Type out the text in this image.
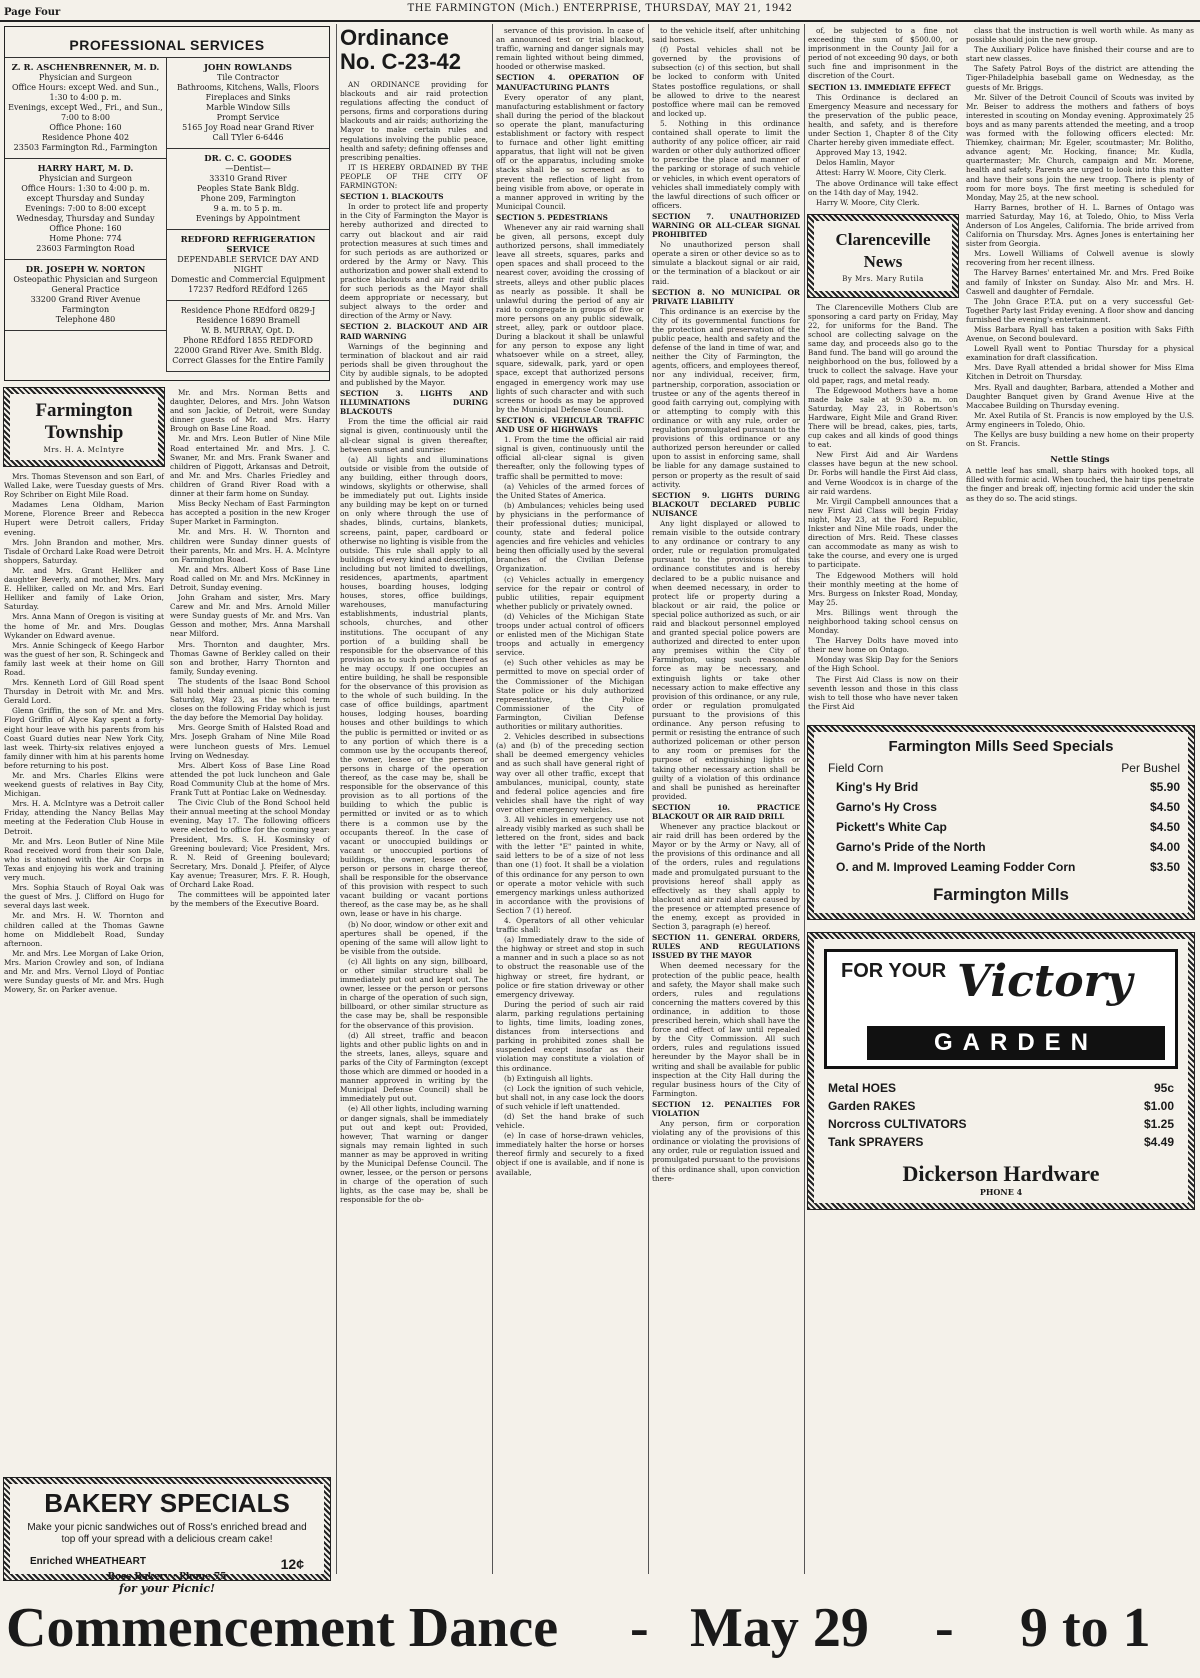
Page Four	THE FARMINGTON (Mich.) ENTERPRISE, THURSDAY, MAY 21, 1942
PROFESSIONAL SERVICES
Z. R. ASCHENBRENNER, M. D.
Physician and Surgeon
Office Hours: except Wed. and Sun., 1:30 to 4:00 p. m.
Evenings, except Wed., Fri., and Sun., 7:00 to 8:00
Office Phone: 160
Residence Phone 402
23503 Farmington Rd., Farmington

HARRY HART, M. D.
Physician and Surgeon
Office Hours: 1:30 to 4:00 p. m. except Thursday and Sunday
Evenings: 7:00 to 8:00 except Wednesday, Thursday and Sunday
Office Phone: 160
Home Phone: 774
23603 Farmington Road

DR. JOSEPH W. NORTON
Osteopathic Physician and Surgeon
General Practice
33200 Grand River Avenue
Farmington
Telephone 480

JOHN ROWLANDS
Tile Contractor
Bathrooms, Kitchens, Walls, Floors
Fireplaces and Sinks
Marble Window Sills
Prompt Service
5165 Joy Road near Grand River
Call TYler 6-6446

DR. C. C. GOODES
—Dentist—
33310 Grand River
Peoples State Bank Bldg.
Phone 209, Farmington
9 a. m. to 5 p. m.
Evenings by Appointment

REDFORD REFRIGERATION SERVICE
DEPENDABLE SERVICE DAY AND NIGHT
Domestic and Commercial Equipment
17237 Redford REdford 1265

Residence Phone REdford 0829-J
Residence 16890 Bramell
W. B. MURRAY, Opt. D.
Phone REdford 1855 REDFORD
22000 Grand River Ave. Smith Bldg.
Correct Glasses for the Entire Family

Farmington
Township
Mrs. H. A. McIntyre

Mrs. Thomas Stevenson and son Earl, of Walled Lake, were Tuesday guests of Mrs. Roy Schriber on Eight Mile Road.

Madames Lena Oldham, Marion Morene, Florence Breer and Rebecca Hupert were Detroit callers, Friday evening.

Mrs. John Brandon and mother, Mrs. Tisdale of Orchard Lake Road were Detroit shoppers, Saturday.

Mr. and Mrs. Grant Helliker and daughter Beverly, and mother, Mrs. Mary E. Helliker, called on Mr. and Mrs. Earl Helliker and family of Lake Orion, Saturday.

Mrs. Anna Mann of Oregon is visiting at the home of Mr. and Mrs. Douglas Wykander on Edward avenue.

Mrs. Annie Schingeck of Keego Harbor was the guest of her son, R. Schingeck and family last week at their home on Gill Road.

Mrs. Kenneth Lord of Gill Road spent Thursday in Detroit with Mr. and Mrs. Gerald Lord.

Glenn Griffin, the son of Mr. and Mrs. Floyd Griffin of Alyce Kay spent a forty-eight hour leave with his parents from his Coast Guard duties near New York City, last week. Thirty-six relatives enjoyed a family dinner with him at his parents home before returning to his post.

Mr. and Mrs. Charles Elkins were weekend guests of relatives in Bay City, Michigan.

Mrs. H. A. McIntyre was a Detroit caller Friday, attending the Nancy Bellas May meeting at the Federation Club House in Detroit.

Mr. and Mrs. Leon Butler of Nine Mile Road received word from their son Dale, who is stationed with the Air Corps in Texas and enjoying his work and training very much.

Mrs. Sophia Stauch of Royal Oak was the guest of Mrs. J. Clifford on Hugo for several days last week.

Mr. and Mrs. H. W. Thornton and children called at the Thomas Gawne home on Middlebelt Road, Sunday afternoon.

Mr. and Mrs. Lee Morgan of Lake Orion, Mrs. Marion Crowley and son, of Indiana and Mr. and Mrs. Vernol Lloyd of Pontiac were Sunday guests of Mr. and Mrs. Hugh Mowery, Sr. on Parker avenue.

Mr. and Mrs. Norman Betts and daughter, Delores, and Mrs. John Watson and son Jackie, of Detroit, were Sunday dinner guests of Mr. and Mrs. Harry Brough on Base Line Road.

Mr. and Mrs. Leon Butler of Nine Mile Road entertained Mr. and Mrs. J. C. Swaner, Mr. and Mrs. Frank Swaner and children of Piggott, Arkansas and Detroit, and Mr. and Mrs. Charles Friedley and children of Grand River Road with a dinner at their farm home on Sunday.

Miss Becky Necham of East Farmington has accepted a position in the new Kroger Super Market in Farmington.

Mr. and Mrs. H. W. Thornton and children were Sunday dinner guests of their parents, Mr. and Mrs. H. A. McIntyre on Farmington Road.

Mr. and Mrs. Albert Koss of Base Line Road called on Mr. and Mrs. McKinney in Detroit, Sunday evening.

John Graham and sister, Mrs. Mary Carew and Mr. and Mrs. Arnold Miller were Sunday guests of Mr. and Mrs. Van Gesson and mother, Mrs. Anna Marshall near Milford.

Mrs. Thornton and daughter, Mrs. Thomas Gawne of Berkley called on their son and brother, Harry Thornton and family, Sunday evening.

The students of the Isaac Bond School will hold their annual picnic this coming Saturday, May 23, as the school term closes on the following Friday which is just the day before the Memorial Day holiday.

Mrs. George Smith of Halsted Road and Mrs. Joseph Graham of Nine Mile Road were luncheon guests of Mrs. Lemuel Irving on Wednesday.

Mrs. Albert Koss of Base Line Road attended the pot luck luncheon and Gale Road Community Club at the home of Mrs. Frank Tutt at Pontiac Lake on Wednesday.

The Civic Club of the Bond School held their annual meeting at the school Monday evening, May 17. The following officers were elected to office for the coming year: President, Mrs. S. H. Kosminsky of Greening boulevard; Vice President, Mrs. R. N. Reid of Greening boulevard; Secretary, Mrs. Donald J. Pfeifer, of Alyce Kay avenue; Treasurer, Mrs. F. R. Hough, of Orchard Lake Road.

The committees will be appointed later by the members of the Executive Board.

BAKERY SPECIALS
Make your picnic sandwiches out of Ross's enriched bread and top off your spread with a delicious cream cake!
Enriched WHEATHEART	12¢
Ross Bakery · Phone 75
for your Picnic!
Ordinance No. C-23-42

AN ORDINANCE providing for blackouts and air raid protection regulations affecting the conduct of persons, firms and corporations during blackouts and air raids; authorizing the Mayor to make certain rules and regulations involving the public peace, health and safety; defining offenses and prescribing penalties.

IT IS HEREBY ORDAINED BY THE PEOPLE OF THE CITY OF FARMINGTON:

SECTION 1. BLACKOUTS

In order to protect life and property in the City of Farmington the Mayor is hereby authorized and directed to carry out blackout and air raid protection measures at such times and for such periods as are authorized or ordered by the Army or Navy. This authorization and power shall extend to practice blackouts and air raid drills for such periods as the Mayor shall deem appropriate or necessary, but subject always to the order and direction of the Army or Navy.

SECTION 2. BLACKOUT AND AIR RAID WARNING

Warnings of the beginning and termination of blackout and air raid periods shall be given throughout the City by audible signals, to be adopted and published by the Mayor.

SECTION 3. LIGHTS AND ILLUMINATIONS DURING BLACKOUTS

From the time the official air raid signal is given, continuously until the all-clear signal is given thereafter, between sunset and sunrise:

(a) All lights and illuminations outside or visible from the outside of any building, either through doors, windows, skylights or otherwise, shall be immediately put out. Lights inside any building may be kept on or turned on only where through the use of shades, blinds, curtains, blankets, screens, paint, paper, cardboard or otherwise no lighting is visible from the outside. This rule shall apply to all buildings of every kind and description, including but not limited to dwellings, residences, apartments, apartment houses, boarding houses, lodging houses, stores, office buildings, warehouses, manufacturing establishments, industrial plants, schools, churches, and other institutions. The occupant of any portion of a building shall be responsible for the observance of this provision as to such portion thereof as he may occupy. If one occupies an entire building, he shall be responsible for the observance of this provision as to the whole of such building. In the case of office buildings, apartment houses, lodging houses, boarding houses and other buildings to which the public is permitted or invited or as to any portion of which there is a common use by the occupants thereof, the owner, lessee or the person or persons in charge of the operation thereof, as the case may be, shall be responsible for the observance of this provision as to all portions of the building to which the public is permitted or invited or as to which there is a common use by the occupants thereof. In the case of vacant or unoccupied buildings or vacant or unoccupied portions of buildings, the owner, lessee or the person or persons in charge thereof, shall be responsible for the observance of this provision with respect to such vacant building or vacant portions thereof, as the case may be, as he shall own, lease or have in his charge.

(b) No door, window or other exit and apertures shall be opened, if the opening of the same will allow light to be visible from the outside.

(c) All lights on any sign, billboard, or other similar structure shall be immediately put out and kept out. The owner, lessee or the person or persons in charge of the operation of such sign, billboard, or other similar structure as the case may be, shall be responsible for the observance of this provision.

(d) All street, traffic and beacon lights and other public lights on and in the streets, lanes, alleys, square and parks of the City of Farmington (except those which are dimmed or hooded in a manner approved in writing by the Municipal Defense Council) shall be immediately put out.

(e) All other lights, including warning or danger signals, shall be immediately put out and kept out: Provided, however, That warning or danger signals may remain lighted in such manner as may be approved in writing by the Municipal Defense Council. The owner, lessee, or the person or persons in charge of the operation of such lights, as the case may be, shall be responsible for the ob-

servance of this provision. In case of an announced test or trial blackout, traffic, warning and danger signals may remain lighted without being dimmed, hooded or otherwise masked.

SECTION 4. OPERATION OF MANUFACTURING PLANTS

Every operator of any plant, manufacturing establishment or factory shall during the period of the blackout so operate the plant, manufacturing establishment or factory with respect to furnace and other light emitting apparatus, that light will not be given off or the apparatus, including smoke stacks shall be so screened as to prevent the reflection of light from being visible from above, or operate in a manner approved in writing by the Municipal Council.

SECTION 5. PEDESTRIANS

Whenever any air raid warning shall be given, all persons, except duly authorized persons, shall immediately leave all streets, squares, parks and open spaces and shall proceed to the nearest cover, avoiding the crossing of streets, alleys and other public places as nearly as possible. It shall be unlawful during the period of any air raid to congregate in groups of five or more persons on any public sidewalk, street, alley, park or outdoor place. During a blackout it shall be unlawful for any person to expose any light whatsoever while on a street, alley, square, sidewalk, park, yard or open space, except that authorized persons engaged in emergency work may use lights of such character and with such screens or hoods as may be approved by the Municipal Defense Council.

SECTION 6. VEHICULAR TRAFFIC AND USE OF HIGHWAYS

1. From the time the official air raid signal is given, continuously until the official all-clear signal is given thereafter, only the following types of traffic shall be permitted to move:

(a) Vehicles of the armed forces of the United States of America.

(b) Ambulances; vehicles being used by physicians in the performance of their professional duties; municipal, county, state and federal police agencies and fire vehicles and vehicles being then officially used by the several branches of the Civilian Defense Organization.

(c) Vehicles actually in emergency service for the repair or control of public utilities, repair equipment whether publicly or privately owned.

(d) Vehicles of the Michigan State troops under actual control of officers or enlisted men of the Michigan State troops and actually in emergency service.

(e) Such other vehicles as may be permitted to move on special order of the Commissioner of the Michigan State police or his duly authorized representative, the Police Commissioner of the City of Farmington, Civilian Defense authorities or military authorities.

2. Vehicles described in subsections (a) and (b) of the preceding section shall be deemed emergency vehicles and as such shall have general right of way over all other traffic, except that ambulances, municipal, county, state and federal police agencies and fire vehicles shall have the right of way over other emergency vehicles.

3. All vehicles in emergency use not already visibly marked as such shall be lettered on the front, sides and back with the letter "E" painted in white, said letters to be of a size of not less than one (1) foot. It shall be a violation of this ordinance for any person to own or operate a motor vehicle with such emergency markings unless authorized in accordance with the provisions of Section 7 (1) hereof.

4. Operators of all other vehicular traffic shall:

(a) Immediately draw to the side of the highway or street and stop in such a manner and in such a place so as not to obstruct the reasonable use of the highway or street, fire hydrant, or police or fire station driveway or other emergency driveway.

During the period of such air raid alarm, parking regulations pertaining to lights, time limits, loading zones, distances from intersections and parking in prohibited zones shall be suspended except insofar as their violation may constitute a violation of this ordinance.

(b) Extinguish all lights.

(c) Lock the ignition of such vehicle, but shall not, in any case lock the doors of such vehicle if left unattended.

(d) Set the hand brake of such vehicle.

(e) In case of horse-drawn vehicles, immediately halter the horse or horses thereof firmly and securely to a fixed object if one is available, and if none is available,

to the vehicle itself, after unhitching said horses.

(f) Postal vehicles shall not be governed by the provisions of subsection (c) of this section, but shall be locked to conform with United States postoffice regulations, or shall be allowed to drive to the nearest postoffice where mail can be removed and locked up.

5. Nothing in this ordinance contained shall operate to limit the authority of any police officer, air raid warden or other duly authorized officer to prescribe the place and manner of the parking or storage of such vehicle or vehicles, in which event operators of vehicles shall immediately comply with the lawful directions of such officer or officers.

SECTION 7. UNAUTHORIZED WARNING OR ALL-CLEAR SIGNAL PROHIBITED

No unauthorized person shall operate a siren or other device so as to simulate a blackout signal or air raid, or the termination of a blackout or air raid.

SECTION 8. NO MUNICIPAL OR PRIVATE LIABILITY

This ordinance is an exercise by the City of its governmental functions for the protection and preservation of the public peace, health and safety and the defense of the land in time of war, and neither the City of Farmington, the agents, officers, and employees thereof, nor any individual, receiver, firm, partnership, corporation, association or trustee or any of the agents thereof in good faith carrying out, complying with or attempting to comply with this ordinance or with any rule, order or regulation promulgated pursuant to the provisions of this ordinance or any authorized person hereunder or called upon to assist in enforcing same, shall be liable for any damage sustained to person or property as the result of said activity.

SECTION 9. LIGHTS DURING BLACKOUT DECLARED PUBLIC NUISANCE

Any light displayed or allowed to remain visible to the outside contrary to any ordinance or contrary to any order, rule or regulation promulgated pursuant to the provisions of this ordinance constitutes and is hereby declared to be a public nuisance and when deemed necessary, in order to protect life or property during a blackout or air raid, the police or special police authorized as such, or air raid and blackout personnel employed and granted special police powers are authorized and directed to enter upon any premises within the City of Farmington, using such reasonable force as may be necessary, and extinguish lights or take other necessary action to make effective any provision of this ordinance, or any rule, order or regulation promulgated pursuant to the provisions of this ordinance. Any person refusing to permit or resisting the entrance of such authorized policeman or other person to any room or premises for the purpose of extinguishing lights or taking other necessary action shall be guilty of a violation of this ordinance and shall be punished as hereinafter provided.

SECTION 10. PRACTICE BLACKOUT OR AIR RAID DRILL

Whenever any practice blackout or air raid drill has been ordered by the Mayor or by the Army or Navy, all of the provisions of this ordinance and all of the orders, rules and regulations made and promulgated pursuant to the provisions hereof shall apply as effectively as they shall apply to blackout and air raid alarms caused by the presence or attempted presence of the enemy, except as provided in Section 3, paragraph (e) hereof.

SECTION 11. GENERAL ORDERS, RULES AND REGULATIONS ISSUED BY THE MAYOR

When deemed necessary for the protection of the public peace, health and safety, the Mayor shall make such orders, rules and regulations concerning the matters covered by this ordinance, in addition to those prescribed herein, which shall have the force and effect of law until repealed by the City Commission. All such orders, rules and regulations issued hereunder by the Mayor shall be in writing and shall be available for public inspection at the City Hall during the regular business hours of the City of Farmington.

SECTION 12. PENALTIES FOR VIOLATION

Any person, firm or corporation violating any of the provisions of this ordinance or violating the provisions of any order, rule or regulation issued and promulgated pursuant to the provisions of this ordinance shall, upon conviction there-

of, be subjected to a fine not exceeding the sum of $500.00, or imprisonment in the County Jail for a period of not exceeding 90 days, or both such fine and imprisonment in the discretion of the Court.

SECTION 13. IMMEDIATE EFFECT

This Ordinance is declared an Emergency Measure and necessary for the preservation of the public peace, health, and safety, and is therefore under Section 1, Chapter 8 of the City Charter hereby given immediate effect.

Approved May 13, 1942.

Delos Hamlin, Mayor

Attest: Harry W. Moore, City Clerk.

The above Ordinance will take effect on the 14th day of May, 1942.

Harry W. Moore, City Clerk.

Clarenceville News
By Mrs. Mary Rutila

The Clarenceville Mothers Club are sponsoring a card party on Friday, May 22, for uniforms for the Band. The school are collecting salvage on the same day, and proceeds also go to the Band fund. The band will go around the neighborhood on the bus, followed by a truck to collect the salvage. Have your old paper, rags, and metal ready.

The Edgewood Mothers have a home made bake sale at 9:30 a. m. on Saturday, May 23, in Robertson's Hardware, Eight Mile and Grand River. There will be bread, cakes, pies, tarts, cup cakes and all kinds of good things to eat.

New First Aid and Air Wardens classes have begun at the new school. Dr. Forbs will handle the First Aid class, and Verne Woodcox is in charge of the air raid wardens.

Mr. Virgil Campbell announces that a new First Aid Class will begin Friday night, May 23, at the Ford Republic, Inkster and Nine Mile roads, under the direction of Mrs. Reid. These classes can accommodate as many as wish to take the course, and every one is urged to participate.

The Edgewood Mothers will hold their monthly meeting at the home of Mrs. Burgess on Inkster Road, Monday, May 25.

Mrs. Billings went through the neighborhood taking school census on Monday.

The Harvey Dolts have moved into their new home on Ontago.

Monday was Skip Day for the Seniors of the High School.

The First Aid Class is now on their seventh lesson and those in this class wish to tell those who have never taken the First Aid

class that the instruction is well worth while. As many as possible should join the new group.

The Auxiliary Police have finished their course and are to start new classes.

The Safety Patrol Boys of the district are attending the Tiger-Philadelphia baseball game on Wednesday, as the guests of Mr. Briggs.

Mr. Silver of the Detroit Council of Scouts was invited by Mr. Beiser to address the mothers and fathers of boys interested in scouting on Monday evening. Approximately 25 boys and as many parents attended the meeting, and a troop was formed with the following officers elected: Mr. Thiemkey, chairman; Mr. Egeler, scoutmaster; Mr. Bolitho, advance agent; Mr. Hocking, finance; Mr. Kudla, quartermaster; Mr. Church, campaign and Mr. Morene, health and safety. Parents are urged to look into this matter and have their sons join the new troop. There is plenty of room for more boys. The first meeting is scheduled for Monday, May 25, at the new school.

Harry Barnes, brother of H. L. Barnes of Ontago was married Saturday, May 16, at Toledo, Ohio, to Miss Verla Anderson of Los Angeles, California. The bride arrived from California on Thursday. Mrs. Agnes Jones is entertaining her sister from Georgia.

Mrs. Lowell Williams of Colwell avenue is slowly recovering from her recent illness.

The Harvey Barnes' entertained Mr. and Mrs. Fred Boike and family of Inkster on Sunday. Also Mr. and Mrs. H. Caswell and daughter of Ferndale.

The John Grace P.T.A. put on a very successful Get-Together Party last Friday evening. A floor show and dancing furnished the evening's entertainment.

Miss Barbara Ryall has taken a position with Saks Fifth Avenue, on Second boulevard.

Lowell Ryall went to Pontiac Thursday for a physical examination for draft classification.

Mrs. Dave Ryall attended a bridal shower for Miss Elma Kitchen in Detroit on Thursday.

Mrs. Ryall and daughter, Barbara, attended a Mother and Daughter Banquet given by Grand Avenue Hive at the Maccabee Building on Thursday evening.

Mr. Axel Rutila of St. Francis is now employed by the U.S. Army engineers in Toledo, Ohio.

The Kellys are busy building a new home on their property on St. Francis.

Nettle Stings
A nettle leaf has small, sharp hairs with hooked tops, all filled with formic acid. When touched, the hair tips penetrate the finger and break off, injecting formic acid under the skin as they do so. The acid stings.
Farmington Mills Seed Specials
Field Corn	Per Bushel
King's Hy Brid	$5.90
Garno's Hy Cross	$4.50
Pickett's White Cap	$4.50
Garno's Pride of the North	$4.00
O. and M. Improved Leaming Fodder Corn	$3.50
Farmington Mills
FOR YOUR Victory
GARDEN
Metal HOES	95c
Garden RAKES	$1.00
Norcross CULTIVATORS	$1.25
Tank SPRAYERS	$4.49
Dickerson Hardware
PHONE 4
Commencement Dance - May 29 - 9 to 1
